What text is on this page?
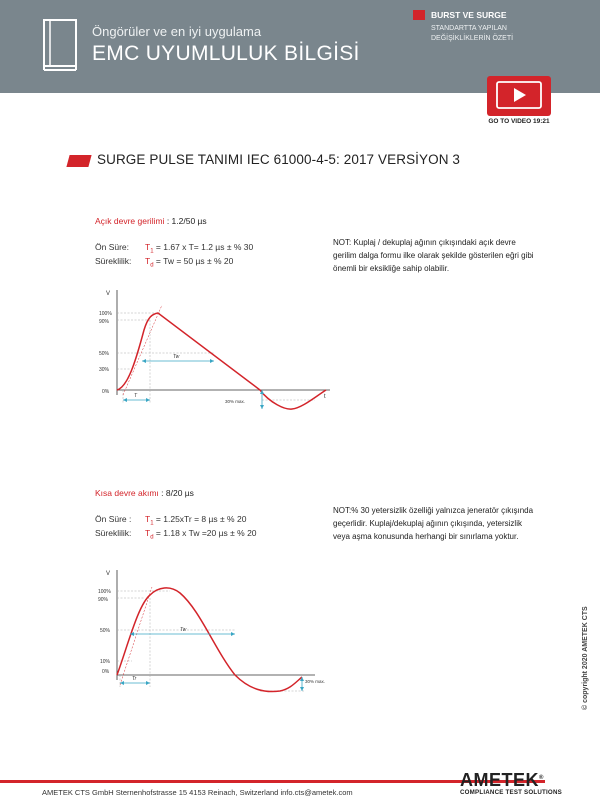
Öngörüler ve en iyi uygulama
EMC UYUMLULUK BİLGİSİ
BURST VE SURGE
STANDARTTA YAPILAN DEĞİŞİKLİKLERİN ÖZETİ
GO TO VIDEO 19:21
SURGE PULSE TANIMI IEC 61000-4-5: 2017 VERSİYON 3
Açık devre gerilimi : 1.2/50 µs
Ön Süre: $T_1 = 1.67$ x T= 1.2 µs ± % 30
Süreklilik: $T_d = Tw = 50$ µs ± % 20
NOT: Kuplaj / dekuplaj ağının çıkışındaki açık devre gerilim dalga formu ilke olarak şekilde gösterilen eğri gibi önemli bir eksikliğe sahip olabilir.
V
t
100%
90%
50%
30%
0%
Tw
T
30% max.
Kısa devre akımı : 8/20 µs
Ön Süre : $T_1 = 1.25xTr = 8$ µs ± % 20
Süreklilik: $T_d = 1.18$ x Tw =20 µs ± % 20
NOT:% 30 yetersizlik özelliği yalnızca jeneratör çıkışında geçerlidir. Kuplaj/dekuplaj ağının çıkışında, yetersizlik veya aşma konusunda herhangi bir sınırlama yoktur.
V
100%
90%
50%
10%
0%
Tw
Tr	30% max.	© copyright 2020 AMETEK CTS
AMETEK CTS GmbH Sternenhofstrasse 15 4153 Reinach, Switzerland info.cts@ametek.com
AMETEK®
COMPLIANCE TEST SOLUTIONS
